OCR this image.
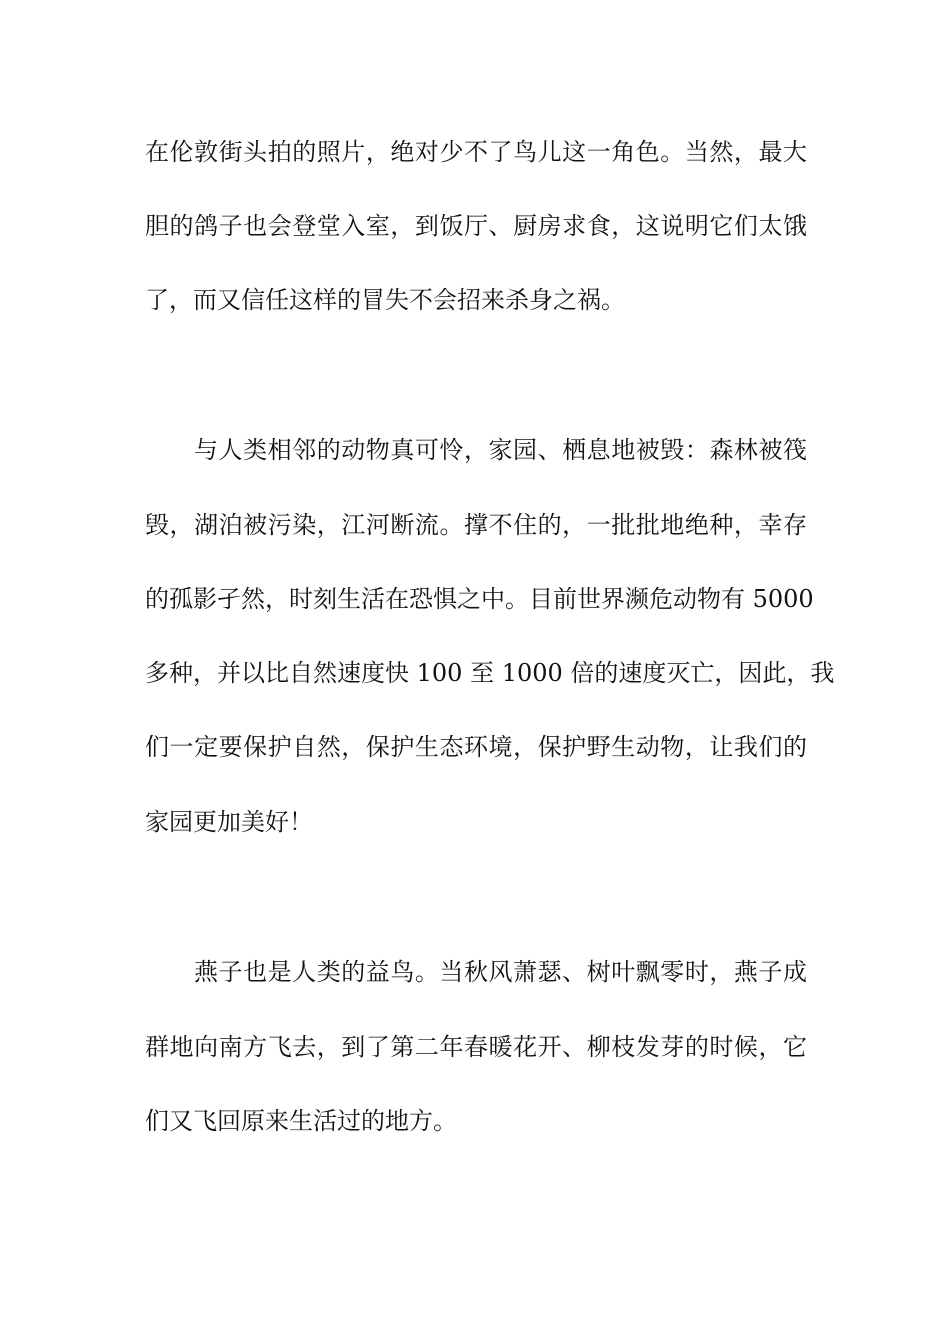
在伦敦街头拍的照片，绝对少不了鸟儿这一角色。当然，最大
胆的鸽子也会登堂入室，到饭厅、厨房求食，这说明它们太饿
了，而又信任这样的冒失不会招来杀身之祸。
与人类相邻的动物真可怜，家园、栖息地被毁：森林被筏
毁，湖泊被污染，江河断流。撑不住的，一批批地绝种，幸存
的孤影孑然，时刻生活在恐惧之中。目前世界濒危动物有 5000
多种，并以比自然速度快 100 至 1000 倍的速度灭亡，因此，我
们一定要保护自然，保护生态环境，保护野生动物，让我们的
家园更加美好！
燕子也是人类的益鸟。当秋风萧瑟、树叶飘零时，燕子成
群地向南方飞去，到了第二年春暖花开、柳枝发芽的时候，它
们又飞回原来生活过的地方。
